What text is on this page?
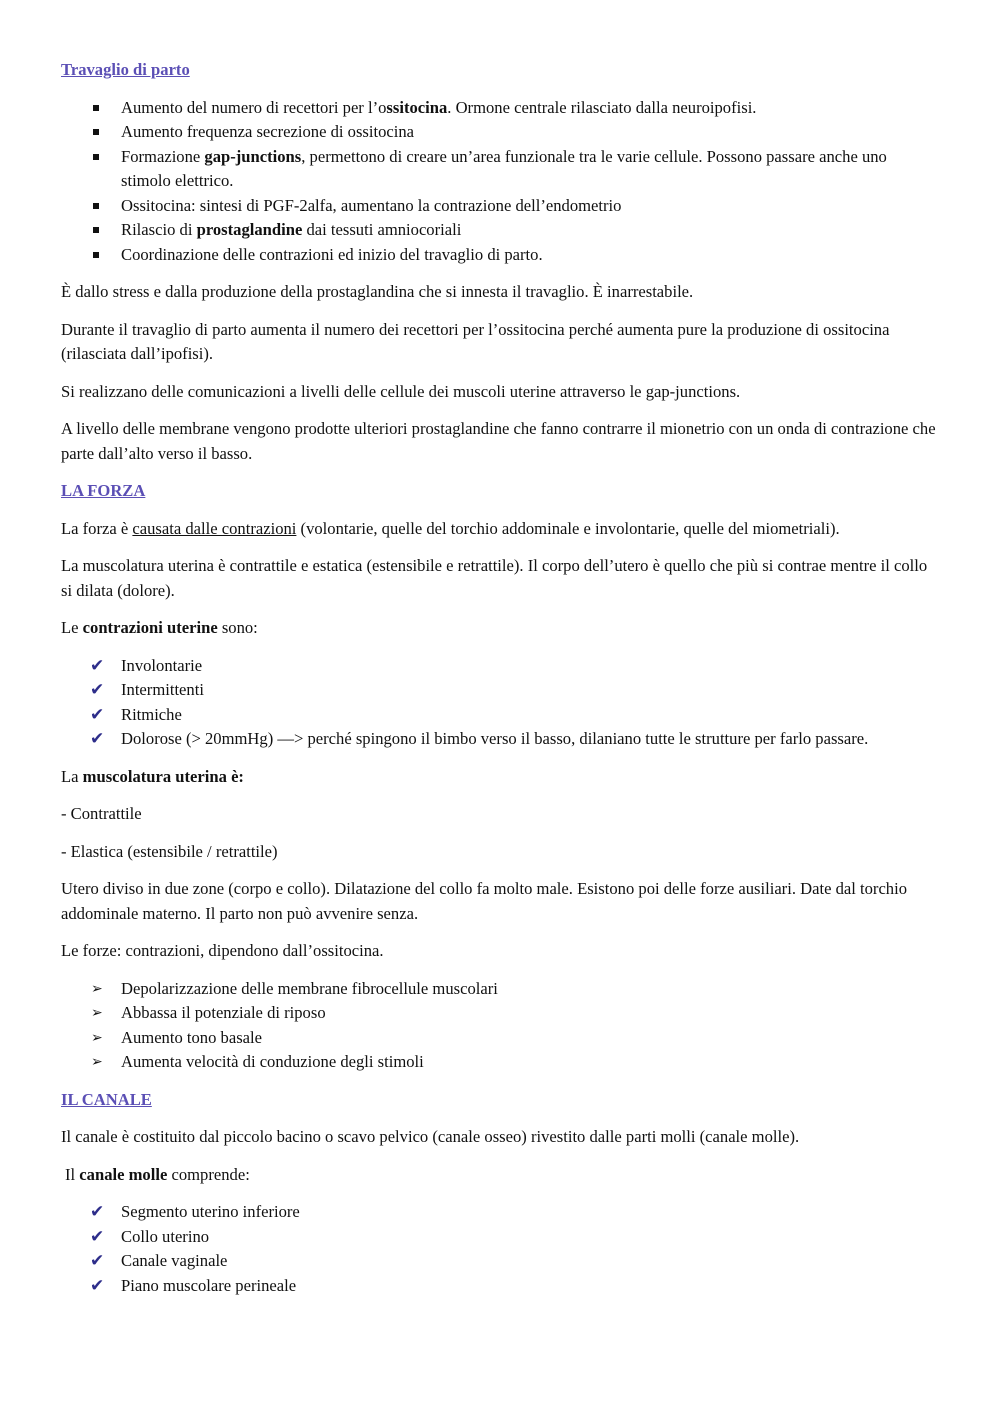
Travaglio di parto
Aumento del numero di recettori per l’ossitocina. Ormone centrale rilasciato dalla neuroipofisi.
Aumento frequenza secrezione di ossitocina
Formazione gap-junctions, permettono di creare un’area funzionale tra le varie cellule. Possono passare anche uno stimolo elettrico.
Ossitocina: sintesi di PGF-2alfa, aumentano la contrazione dell’endometrio
Rilascio di prostaglandine dai tessuti amniocoriali
Coordinazione delle contrazioni ed inizio del travaglio di parto.

È dallo stress e dalla produzione della prostaglandina che si innesta il travaglio. È inarrestabile.

Durante il travaglio di parto aumenta il numero dei recettori per l’ossitocina perché aumenta pure la produzione di ossitocina (rilasciata dall’ipofisi).

Si realizzano delle comunicazioni a livelli delle cellule dei muscoli uterine attraverso le gap-junctions.

A livello delle membrane vengono prodotte ulteriori prostaglandine che fanno contrarre il mionetrio con un onda di contrazione che parte dall’alto verso il basso.

LA FORZA

La forza è causata dalle contrazioni (volontarie, quelle del torchio addominale e involontarie, quelle del miometriali).

La muscolatura uterina è contrattile e estatica (estensibile e retrattile). Il corpo dell’utero è quello che più si contrae mentre il collo si dilata (dolore).

Le contrazioni uterine sono:

✔ Involontarie
✔ Intermittenti
✔ Ritmiche
✔ Dolorose (> 20mmHg) —> perché spingono il bimbo verso il basso, dilaniano tutte le strutture per farlo passare.

La muscolatura uterina è:

- Contrattile

- Elastica (estensibile / retrattile)

Utero diviso in due zone (corpo e collo). Dilatazione del collo fa molto male. Esistono poi delle forze ausiliari. Date dal torchio addominale materno. Il parto non può avvenire senza.

Le forze: contrazioni, dipendono dall’ossitocina.

➢ Depolarizzazione delle membrane fibrocellule muscolari
➢ Abbassa il potenziale di riposo
➢ Aumento tono basale
➢ Aumenta velocità di conduzione degli stimoli
IL CANALE

Il canale è costituito dal piccolo bacino o scavo pelvico (canale osseo) rivestito dalle parti molli (canale molle).

Il canale molle comprende:

✔ Segmento uterino inferiore
✔ Collo uterino
✔ Canale vaginale
✔ Piano muscolare perineale
